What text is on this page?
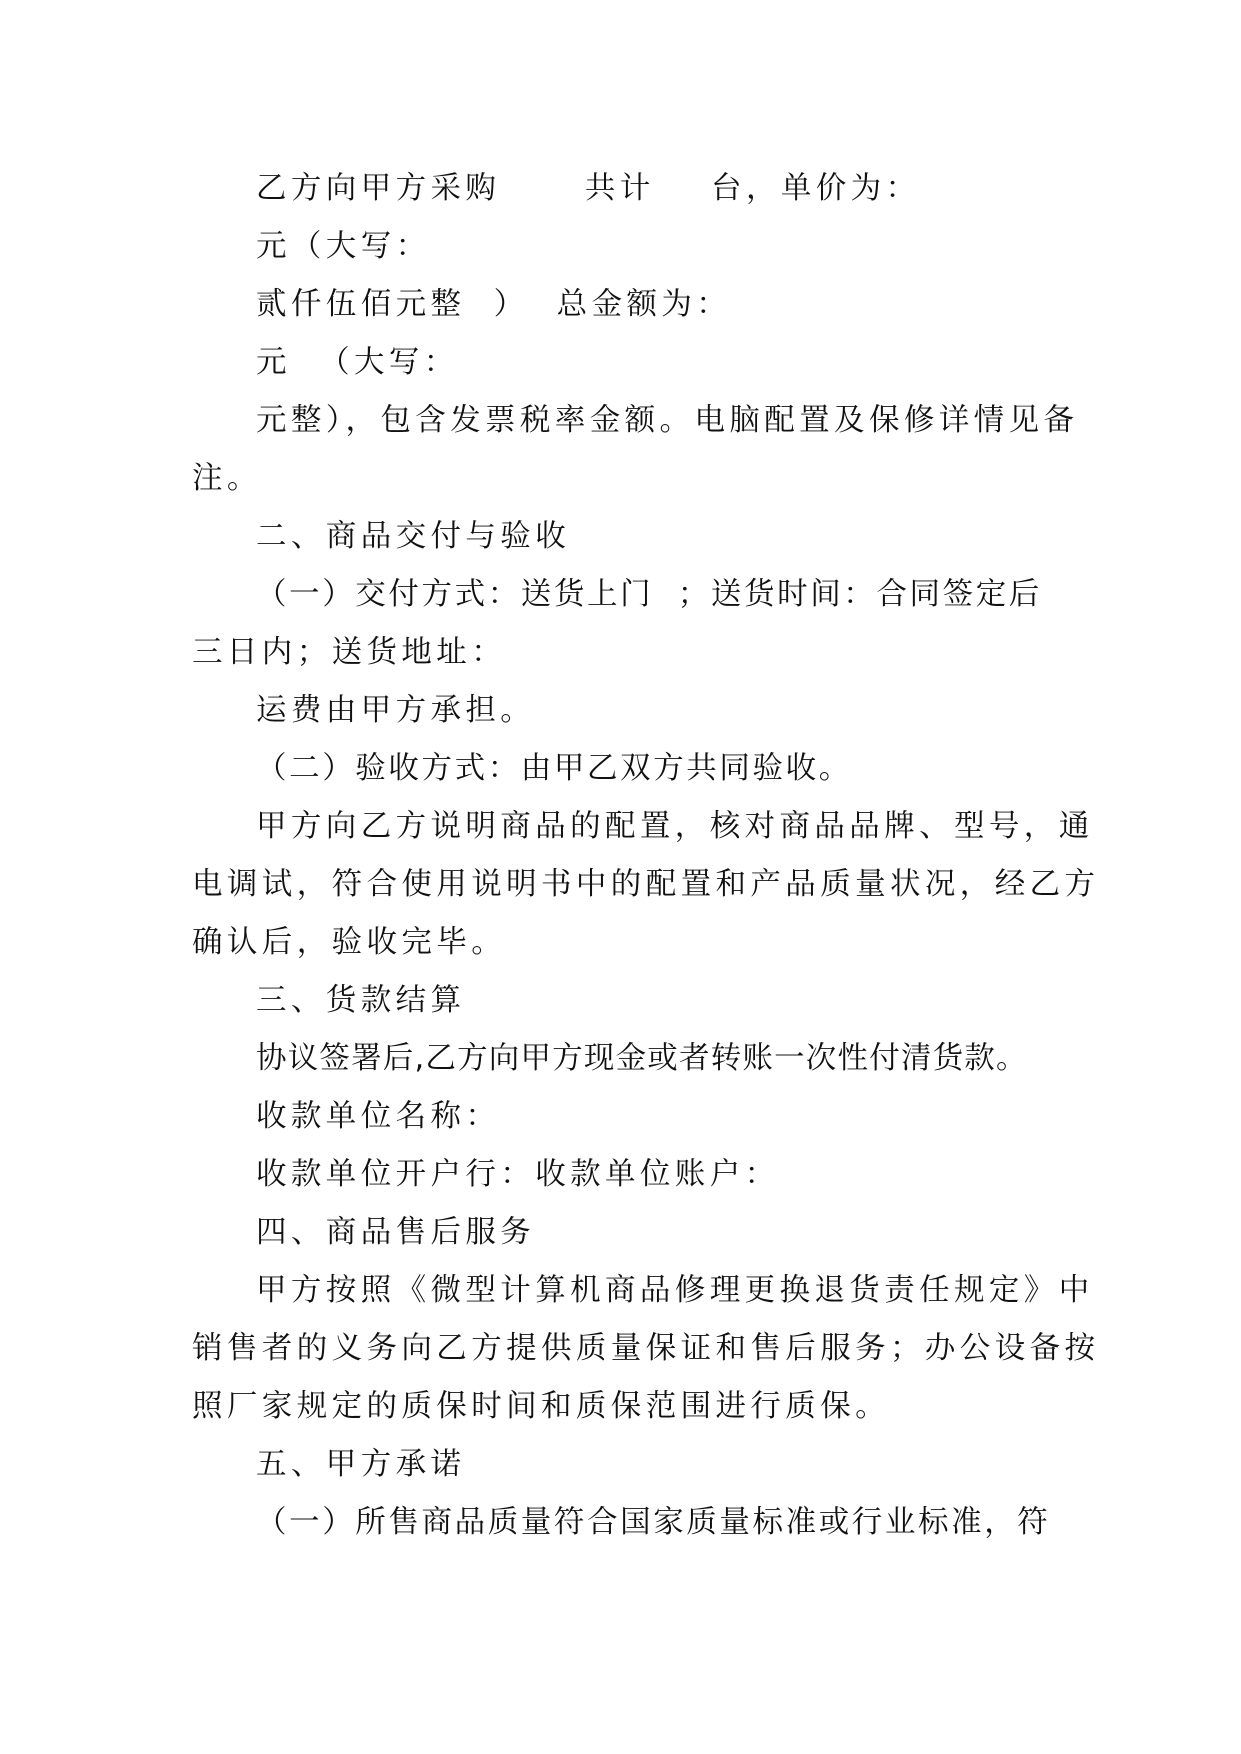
乙方向甲方采购      共计    台，单价为：
元（大写：
贰仟伍佰元整  ）  总金额为：
元  （大写：
元整），包含发票税率金额。电脑配置及保修详情见备
注。
二、商品交付与验收
（一）交付方式：送货上门  ；送货时间：合同签定后
三日内；送货地址：
运费由甲方承担。
（二）验收方式：由甲乙双方共同验收。
甲方向乙方说明商品的配置，核对商品品牌、型号，通
电调试，符合使用说明书中的配置和产品质量状况，经乙方
确认后，验收完毕。
三、货款结算
协议签署后,乙方向甲方现金或者转账一次性付清货款。
收款单位名称：
收款单位开户行：收款单位账户：
四、商品售后服务
甲方按照《微型计算机商品修理更换退货责任规定》中
销售者的义务向乙方提供质量保证和售后服务；办公设备按
照厂家规定的质保时间和质保范围进行质保。
五、甲方承诺
（一）所售商品质量符合国家质量标准或行业标准，符
